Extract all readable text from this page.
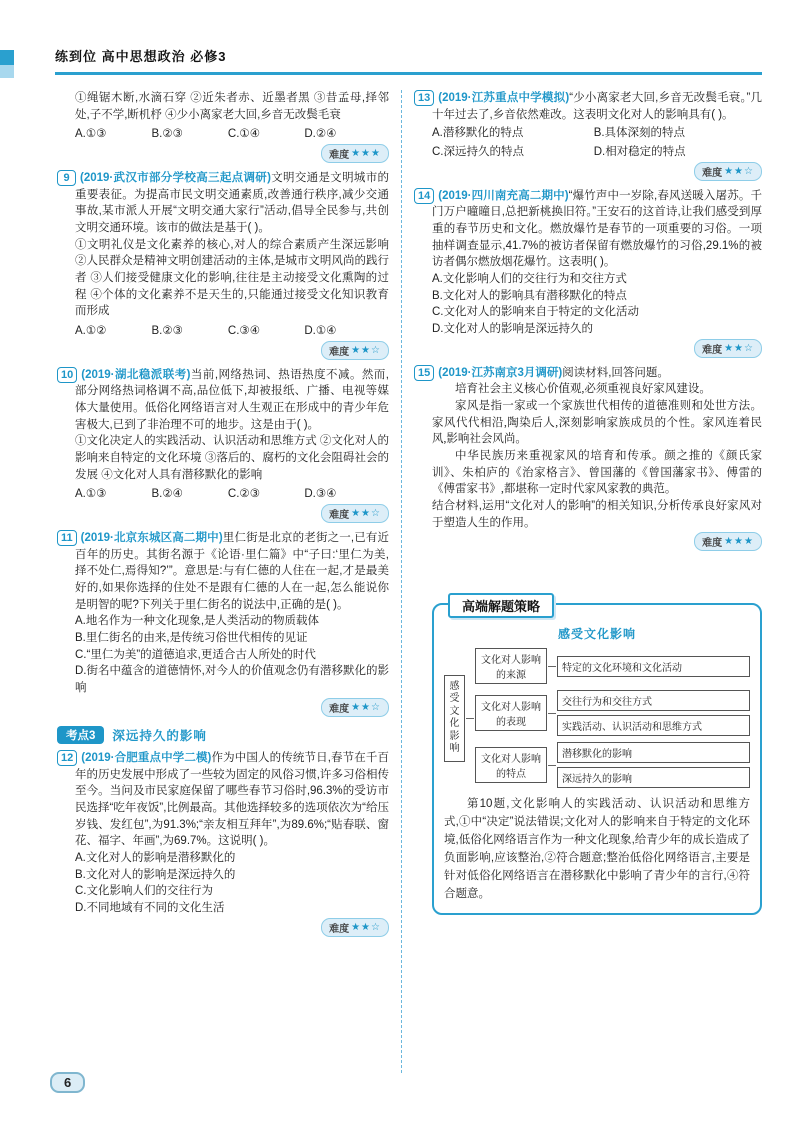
练到位 高中思想政治 必修3

①绳锯木断,水滴石穿 ②近朱者赤、近墨者黑 ③昔孟母,择邻处,子不学,断机杼 ④少小离家老大回,乡音无改鬓毛衰

A.①③	B.②③	C.①④	D.②④

难度 ★★★

9 (2019·武汉市部分学校高三起点调研)文明交通是文明城市的重要表征。为提高市民文明交通素质,改善通行秩序,减少交通事故,某市派人开展“文明交通大家行”活动,倡导全民参与,共创文明交通环境。该市的做法是基于( )。

①文明礼仪是文化素养的核心,对人的综合素质产生深远影响 ②人民群众是精神文明创建活动的主体,是城市文明风尚的践行者 ③人们接受健康文化的影响,往往是主动接受文化熏陶的过程 ④个体的文化素养不是天生的,只能通过接受文化知识教育而形成

A.①②	B.②③	C.③④	D.①④

难度 ★★☆

10 (2019·湖北稳派联考)当前,网络热词、热语热度不减。然而,部分网络热词格调不高,品位低下,却被报纸、广播、电视等媒体大量使用。低俗化网络语言对人生观正在形成中的青少年危害极大,已到了非治理不可的地步。这是由于( )。

①文化决定人的实践活动、认识活动和思维方式 ②文化对人的影响来自特定的文化环境 ③落后的、腐朽的文化会阻碍社会的发展 ④文化对人具有潜移默化的影响

A.①③	B.②④	C.②③	D.③④

难度 ★★☆

11 (2019·北京东城区高二期中)里仁街是北京的老街之一,已有近百年的历史。其街名源于《论语·里仁篇》中“子曰:‘里仁为美,择不处仁,焉得知?’”。意思是:与有仁德的人住在一起,才是最美好的,如果你选择的住处不是跟有仁德的人在一起,怎么能说你是明智的呢?下列关于里仁街名的说法中,正确的是( )。

A.地名作为一种文化现象,是人类活动的物质载体
B.里仁街名的由来,是传统习俗世代相传的见证
C.“里仁为美”的道德追求,更适合古人所处的时代
D.街名中蕴含的道德情怀,对今人的价值观念仍有潜移默化的影响
难度 ★★☆
考点3	深远持久的影响

12 (2019·合肥重点中学二模)作为中国人的传统节日,春节在千百年的历史发展中形成了一些较为固定的风俗习惯,许多习俗相传至今。当问及市民家庭保留了哪些春节习俗时,96.3%的受访市民选择“吃年夜饭”,比例最高。其他选择较多的选项依次为“给压岁钱、发红包”,为91.3%;“亲友相互拜年”,为89.6%;“贴春联、窗花、福字、年画”,为69.7%。这说明( )。

A.文化对人的影响是潜移默化的
B.文化对人的影响是深远持久的
C.文化影响人们的交往行为
D.不同地域有不同的文化生活
难度 ★★☆

13 (2019·江苏重点中学模拟)“少小离家老大回,乡音无改鬓毛衰。”几十年过去了,乡音依然难改。这表明文化对人的影响具有( )。

A.潜移默化的特点	B.具体深刻的特点C.深远持久的特点	D.相对稳定的特点
难度 ★★☆

14 (2019·四川南充高二期中)“爆竹声中一岁除,春风送暖入屠苏。千门万户曈曈日,总把新桃换旧符。”王安石的这首诗,让我们感受到厚重的春节历史和文化。燃放爆竹是春节的一项重要的习俗。一项抽样调查显示,41.7%的被访者保留有燃放爆竹的习俗,29.1%的被访者偶尔燃放烟花爆竹。这表明( )。

A.文化影响人们的交往行为和交往方式
B.文化对人的影响具有潜移默化的特点
C.文化对人的影响来自于特定的文化活动
D.文化对人的影响是深远持久的
难度 ★★☆

15 (2019·江苏南京3月调研)阅读材料,回答问题。

培育社会主义核心价值观,必须重视良好家风建设。

家风是指一家或一个家族世代相传的道德准则和处世方法。家风代代相沿,陶染后人,深刻影响家族成员的个性。家风连着民风,影响社会风尚。

中华民族历来重视家风的培育和传承。颜之推的《颜氏家训》、朱柏庐的《治家格言》、曾国藩的《曾国藩家书》、傅雷的《傅雷家书》,都堪称一定时代家风家教的典范。

结合材料,运用“文化对人的影响”的相关知识,分析传承良好家风对于塑造人生的作用。

难度 ★★★
高端解题策略
感受文化影响
感受文化影响
文化对人影响的来源
特定的文化环境和文化活动
文化对人影响的表现
交往行为和交往方式
实践活动、认识活动和思维方式
文化对人影响的特点
潜移默化的影响
深远持久的影响

第10题,文化影响人的实践活动、认识活动和思维方式,①中“决定”说法错误;文化对人的影响来自于特定的文化环境,低俗化网络语言作为一种文化现象,给青少年的成长造成了负面影响,应该整治,②符合题意;整治低俗化网络语言,主要是针对低俗化网络语言在潜移默化中影响了青少年的言行,④符合题意。

6
